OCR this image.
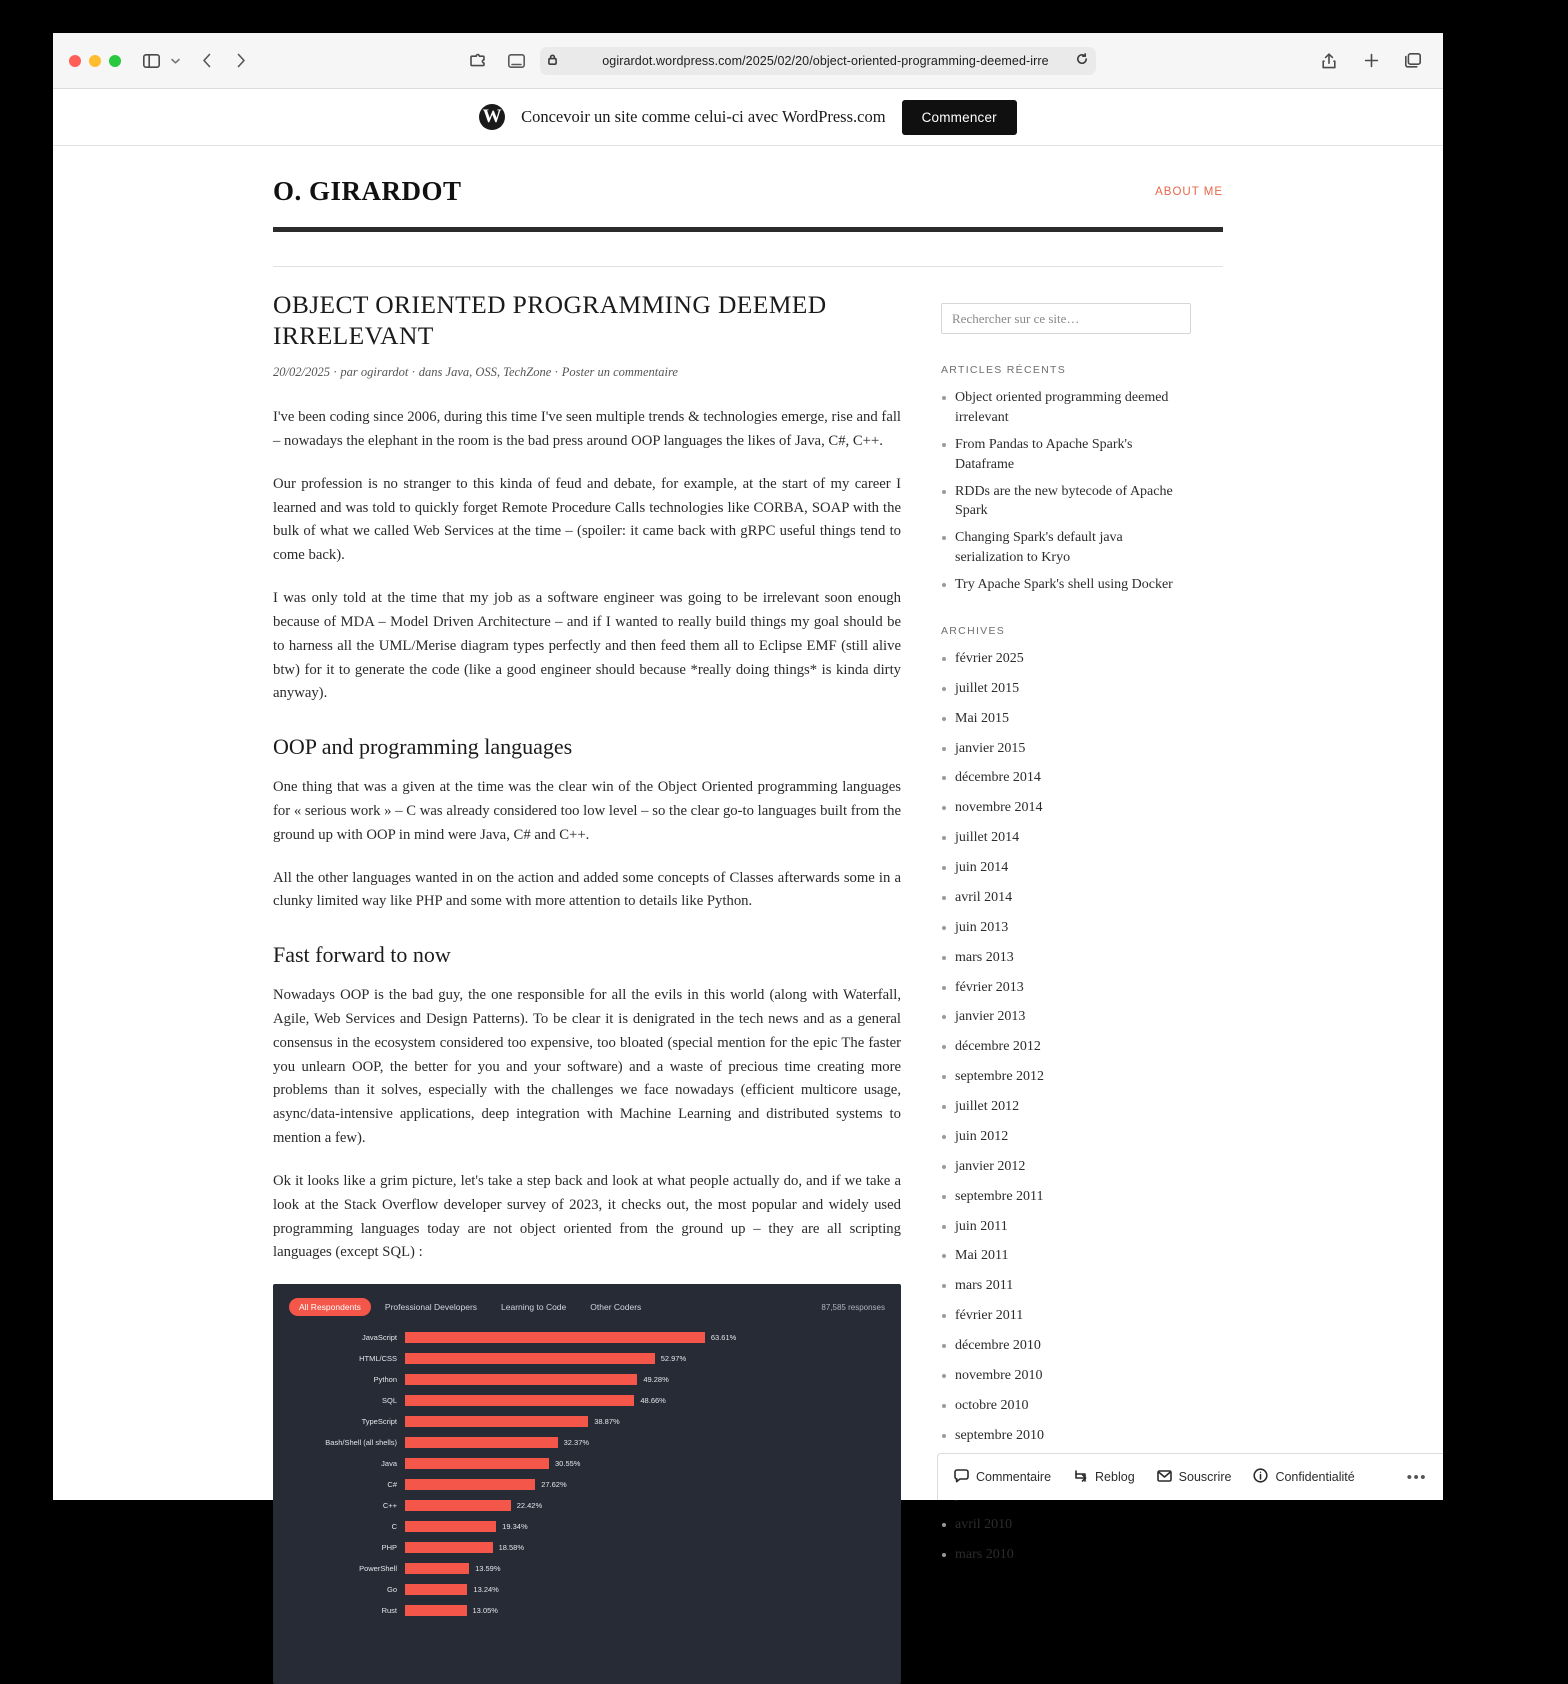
ogirardot.wordpress.com/2025/02/20/object-oriented-programming-deemed-irre
W Concevoir un site comme celui-ci avec WordPress.com	Commencer
O. GIRARDOT	ABOUT ME
OBJECT ORIENTED PROGRAMMING DEEMED IRRELEVANT
20/02/2025 · par ogirardot · dans Java, OSS, TechZone · Poster un commentaire

I've been coding since 2006, during this time I've seen multiple trends & technologies emerge, rise and fall – nowadays the elephant in the room is the bad press around OOP languages the likes of Java, C#, C++.

Our profession is no stranger to this kinda of feud and debate, for example, at the start of my career I learned and was told to quickly forget Remote Procedure Calls technologies like CORBA, SOAP with the bulk of what we called Web Services at the time – (spoiler: it came back with gRPC useful things tend to come back).

I was only told at the time that my job as a software engineer was going to be irrelevant soon enough because of MDA – Model Driven Architecture – and if I wanted to really build things my goal should be to harness all the UML/Merise diagram types perfectly and then feed them all to Eclipse EMF (still alive btw) for it to generate the code (like a good engineer should because *really doing things* is kinda dirty anyway).

OOP and programming languages

One thing that was a given at the time was the clear win of the Object Oriented programming languages for « serious work » – C was already considered too low level – so the clear go-to languages built from the ground up with OOP in mind were Java, C# and C++.

All the other languages wanted in on the action and added some concepts of Classes afterwards some in a clunky limited way like PHP and some with more attention to details like Python.

Fast forward to now

Nowadays OOP is the bad guy, the one responsible for all the evils in this world (along with Waterfall, Agile, Web Services and Design Patterns). To be clear it is denigrated in the tech news and as a general consensus in the ecosystem considered too expensive, too bloated (special mention for the epic The faster you unlearn OOP, the better for you and your software) and a waste of precious time creating more problems than it solves, especially with the challenges we face nowadays (efficient multicore usage, async/data-intensive applications, deep integration with Machine Learning and distributed systems to mention a few).

Ok it looks like a grim picture, let's take a step back and look at what people actually do, and if we take a look at the Stack Overflow developer survey of 2023, it checks out, the most popular and widely used programming languages today are not object oriented from the ground up – they are all scripting languages (except SQL) :

All Respondents	Professional Developers	Learning to Code	Other Coders	87,585 responses
JavaScript	63.61%
HTML/CSS	52.97%
Python	49.28%
SQL	48.66%
TypeScript	38.87%
Bash/Shell (all shells)	32.37%
Java	30.55%
C#	27.62%
C++	22.42%
C	19.34%
PHP	18.58%
PowerShell	13.59%
Go	13.24%
Rust	13.05%
Rechercher sur ce site…
ARTICLES RÉCENTS
Object oriented programming deemed irrelevant
From Pandas to Apache Spark's Dataframe
RDDs are the new bytecode of Apache Spark
Changing Spark's default java serialization to Kryo
Try Apache Spark's shell using Docker
ARCHIVES
février 2025
juillet 2015
Mai 2015
janvier 2015
décembre 2014
novembre 2014
juillet 2014
juin 2014
avril 2014
juin 2013
mars 2013
février 2013
janvier 2013
décembre 2012
septembre 2012
juillet 2012
juin 2012
janvier 2012
septembre 2011
juin 2011
Mai 2011
mars 2011
février 2011
décembre 2010
novembre 2010
octobre 2010
septembre 2010
avril 2010
mars 2010
Commentaire	Reblog	Souscrire	Confidentialité	•••
